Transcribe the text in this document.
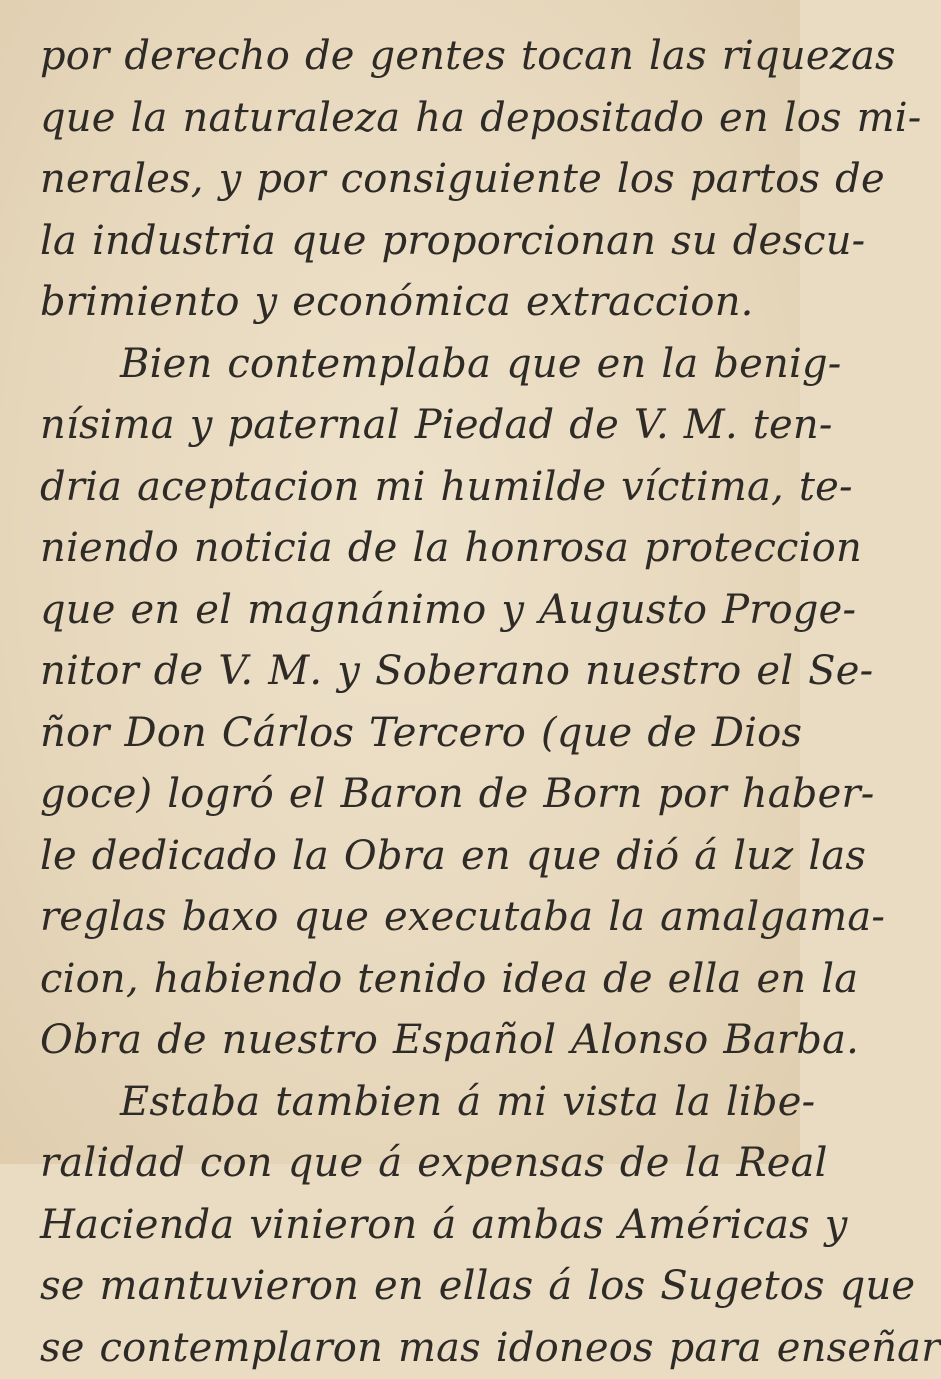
por derecho de gentes tocan las riquezas
que la naturaleza ha depositado en los mi-
nerales, y por consiguiente los partos de
la industria que proporcionan su descu-
brimiento y económica extraccion.
Bien contemplaba que en la benig-
nísima y paternal Piedad de V. M. ten-
dria aceptacion mi humilde víctima, te-
niendo noticia de la honrosa proteccion
que en el magnánimo y Augusto Proge-
nitor de V. M. y Soberano nuestro el Se-
ñor Don Cárlos Tercero (que de Dios
goce) logró el Baron de Born por haber-
le dedicado la Obra en que dió á luz las
reglas baxo que executaba la amalgama-
cion, habiendo tenido idea de ella en la
Obra de nuestro Español Alonso Barba.
Estaba tambien á mi vista la libe-
ralidad con que á expensas de la Real
Hacienda vinieron á ambas Américas y
se mantuvieron en ellas á los Sugetos que
se contemplaron mas idoneos para enseñar
